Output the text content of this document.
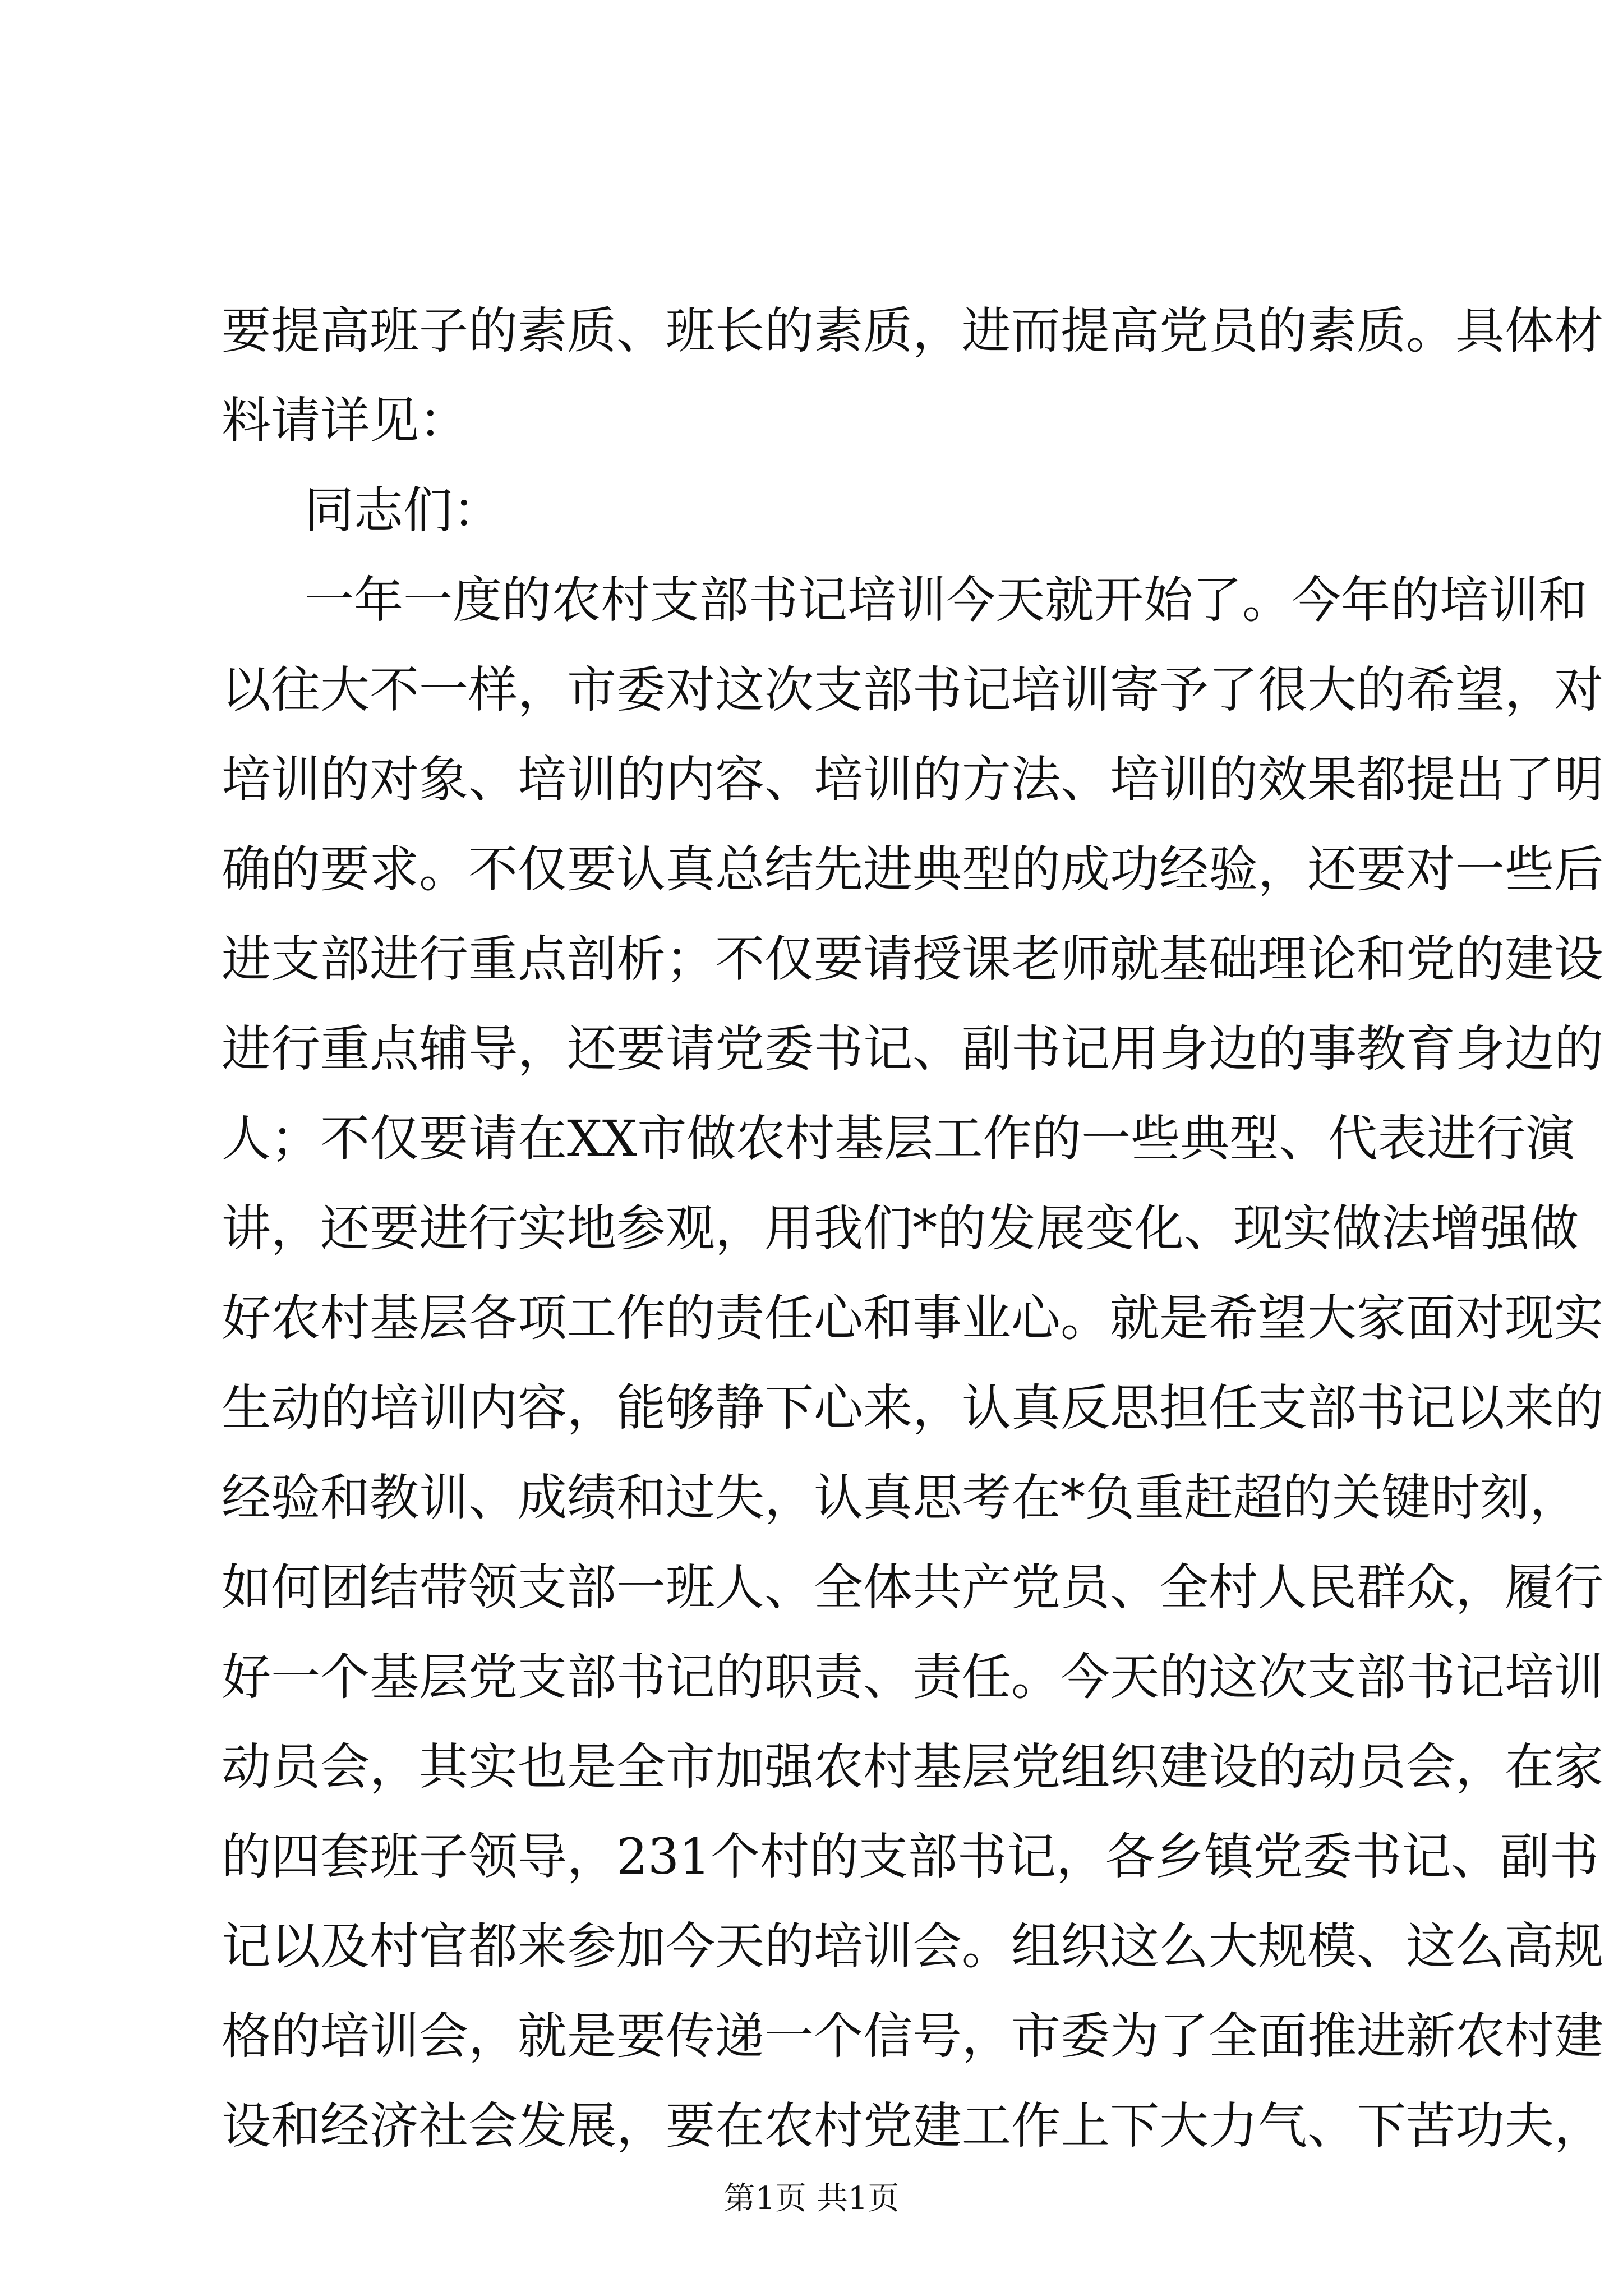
要提高班子的素质、班长的素质，进而提高党员的素质。具体材
料请详见：
同志们：
一年一度的农村支部书记培训今天就开始了。今年的培训和
以往大不一样，市委对这次支部书记培训寄予了很大的希望，对
培训的对象、培训的内容、培训的方法、培训的效果都提出了明
确的要求。不仅要认真总结先进典型的成功经验，还要对一些后
进支部进行重点剖析；不仅要请授课老师就基础理论和党的建设
进行重点辅导，还要请党委书记、副书记用身边的事教育身边的
人；不仅要请在XX市做农村基层工作的一些典型、代表进行演
讲，还要进行实地参观，用我们*的发展变化、现实做法增强做
好农村基层各项工作的责任心和事业心。就是希望大家面对现实
生动的培训内容，能够静下心来，认真反思担任支部书记以来的
经验和教训、成绩和过失，认真思考在*负重赶超的关键时刻，
如何团结带领支部一班人、全体共产党员、全村人民群众，履行
好一个基层党支部书记的职责、责任。今天的这次支部书记培训
动员会，其实也是全市加强农村基层党组织建设的动员会，在家
的四套班子领导，231个村的支部书记，各乡镇党委书记、副书
记以及村官都来参加今天的培训会。组织这么大规模、这么高规
格的培训会，就是要传递一个信号，市委为了全面推进新农村建
设和经济社会发展，要在农村党建工作上下大力气、下苦功夫，
第1页 共1页
